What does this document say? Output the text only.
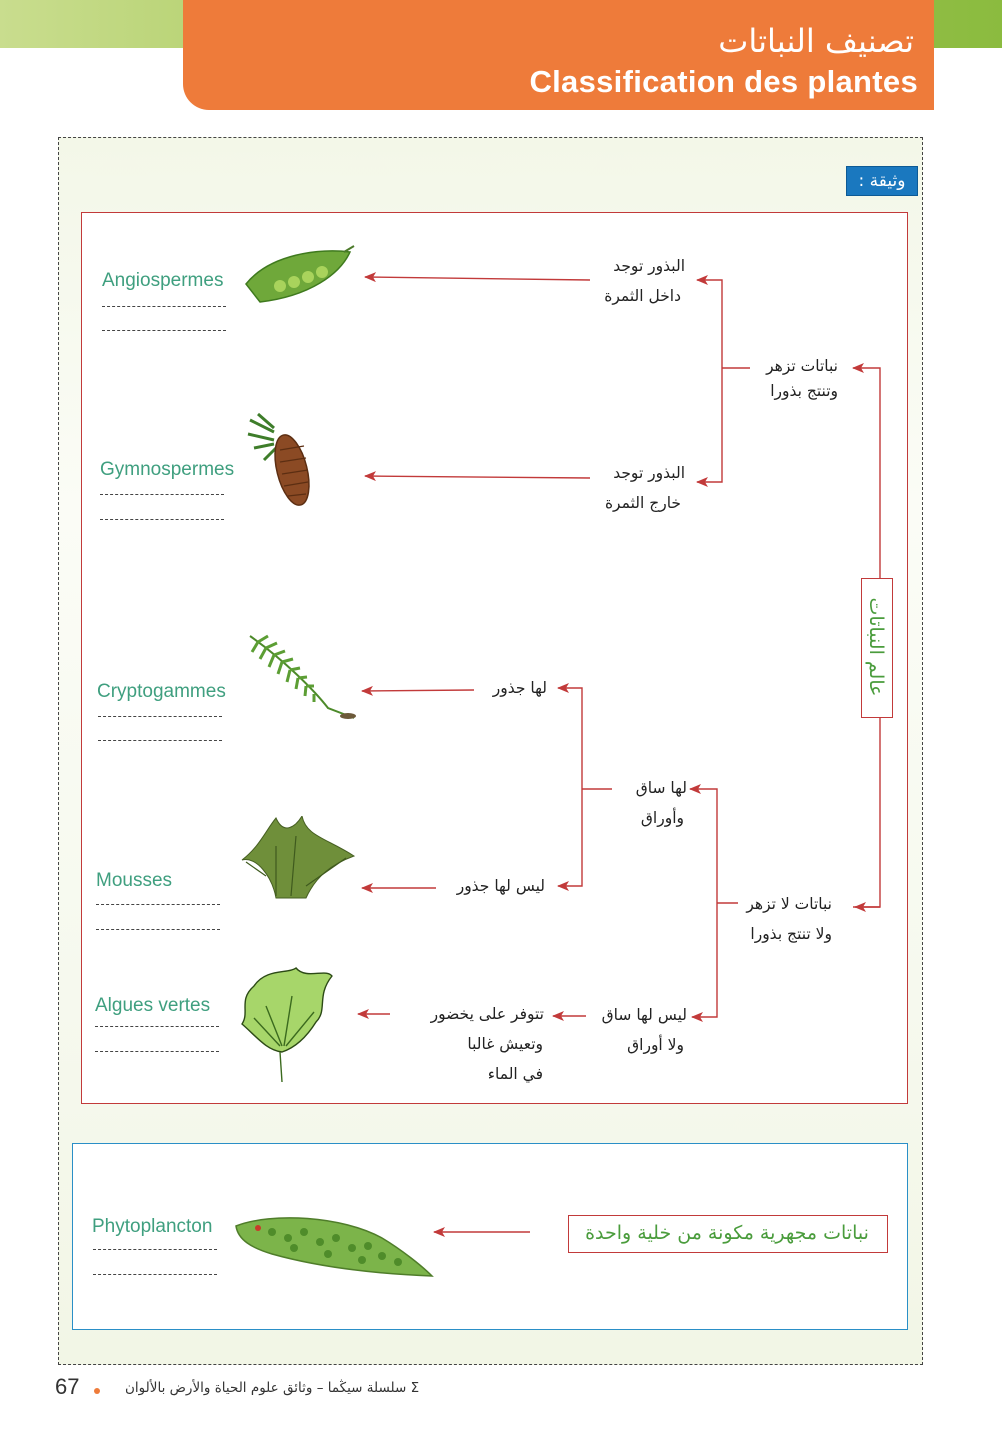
تصنيف النباتات
Classification des plantes
وثيقة :
عالم النباتات
نباتات تزهر
وتنتج بذورا
نباتات لا تزهر
ولا تنتج بذورا
البذور توجد
داخل الثمرة
البذور توجد
خارج الثمرة
لها ساق
وأوراق
ليس لها ساق
ولا أوراق
لها جذور
ليس لها جذور
تتوفر على يخضور
وتعيش غالبا
في الماء
نباتات مجهرية مكونة من خلية واحدة
Angiospermes
Gymnospermes
Cryptogammes
Mousses
Algues vertes
Phytoplancton
67	Σ سلسلة سيڭما – وثائق علوم الحياة والأرض بالألوان
